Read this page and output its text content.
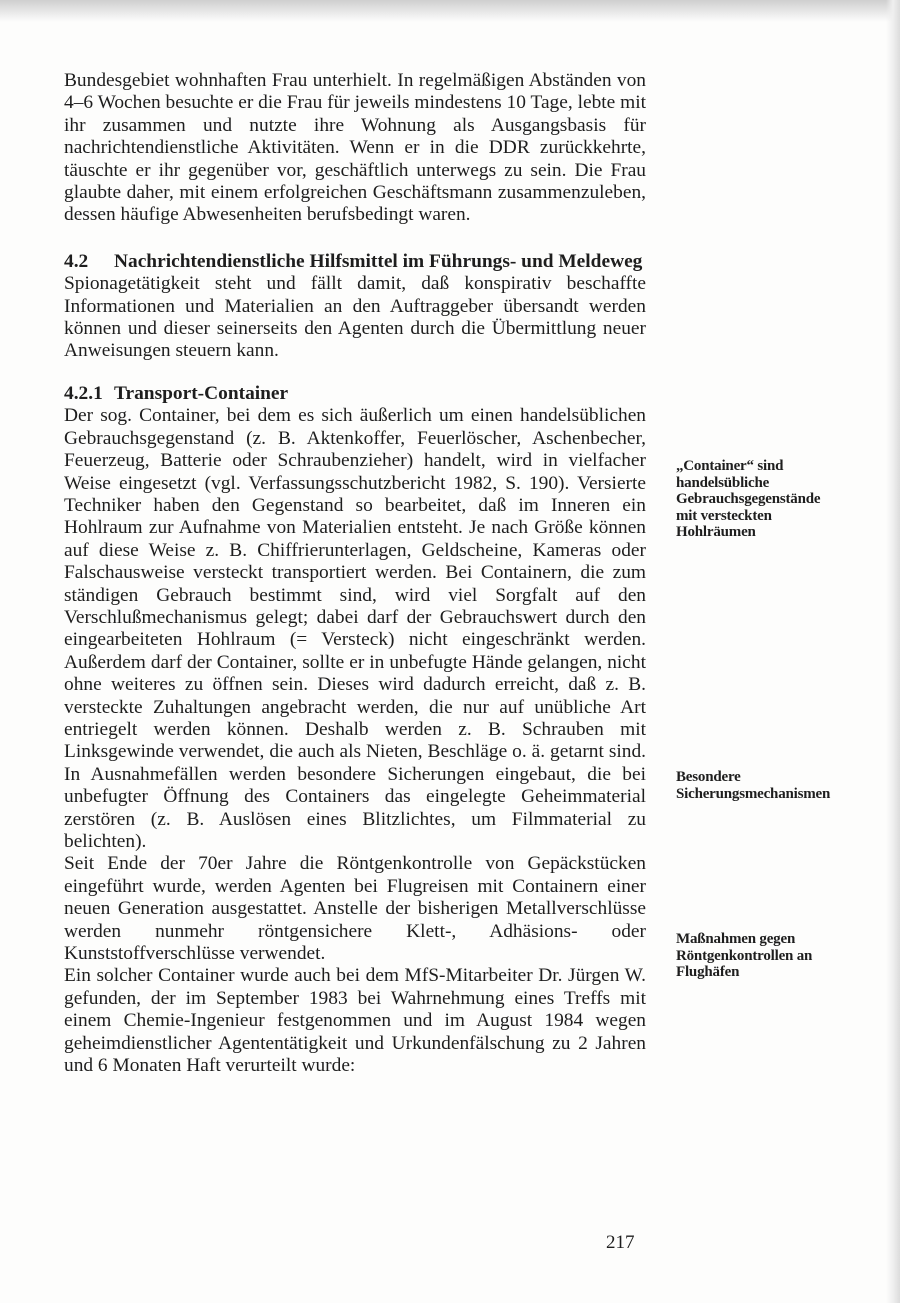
Bundesgebiet wohnhaften Frau unterhielt. In regelmäßigen Abständen von 4–6 Wochen besuchte er die Frau für jeweils mindestens 10 Tage, lebte mit ihr zusammen und nutzte ihre Wohnung als Ausgangsbasis für nachrichtendienstliche Aktivitäten. Wenn er in die DDR zurückkehrte, täuschte er ihr gegenüber vor, geschäftlich unterwegs zu sein. Die Frau glaubte daher, mit einem erfolgreichen Geschäftsmann zusammenzuleben, dessen häufige Abwesenheiten berufsbedingt waren.

4.2 Nachrichtendienstliche Hilfsmittel im Führungs- und Meldeweg

Spionagetätigkeit steht und fällt damit, daß konspirativ beschaffte Informationen und Materialien an den Auftraggeber übersandt werden können und dieser seinerseits den Agenten durch die Übermittlung neuer Anweisungen steuern kann.

4.2.1 Transport-Container

Der sog. Container, bei dem es sich äußerlich um einen handelsüblichen Gebrauchsgegenstand (z. B. Aktenkoffer, Feuerlöscher, Aschenbecher, Feuerzeug, Batterie oder Schraubenzieher) handelt, wird in vielfacher Weise eingesetzt (vgl. Verfassungsschutzbericht 1982, S. 190). Versierte Techniker haben den Gegenstand so bearbeitet, daß im Inneren ein Hohlraum zur Aufnahme von Materialien entsteht. Je nach Größe können auf diese Weise z. B. Chiffrierunterlagen, Geldscheine, Kameras oder Falschausweise versteckt transportiert werden. Bei Containern, die zum ständigen Gebrauch bestimmt sind, wird viel Sorgfalt auf den Verschlußmechanismus gelegt; dabei darf der Gebrauchswert durch den eingearbeiteten Hohlraum (= Versteck) nicht eingeschränkt werden. Außerdem darf der Container, sollte er in unbefugte Hände gelangen, nicht ohne weiteres zu öffnen sein. Dieses wird dadurch erreicht, daß z. B. versteckte Zuhaltungen angebracht werden, die nur auf unübliche Art entriegelt werden können. Deshalb werden z. B. Schrauben mit Linksgewinde verwendet, die auch als Nieten, Beschläge o. ä. getarnt sind. In Ausnahmefällen werden besondere Sicherungen eingebaut, die bei unbefugter Öffnung des Containers das eingelegte Geheimmaterial zerstören (z. B. Auslösen eines Blitzlichtes, um Filmmaterial zu belichten).

Seit Ende der 70er Jahre die Röntgenkontrolle von Gepäckstücken eingeführt wurde, werden Agenten bei Flugreisen mit Containern einer neuen Generation ausgestattet. Anstelle der bisherigen Metallverschlüsse werden nunmehr röntgensichere Klett-, Adhäsions- oder Kunststoffverschlüsse verwendet.

Ein solcher Container wurde auch bei dem MfS-Mitarbeiter Dr. Jürgen W. gefunden, der im September 1983 bei Wahrnehmung eines Treffs mit einem Chemie-Ingenieur festgenommen und im August 1984 wegen geheimdienstlicher Agententätigkeit und Urkundenfälschung zu 2 Jahren und 6 Monaten Haft verurteilt wurde:

„Container“ sind handelsübliche Gebrauchsgegenstände mit versteckten Hohlräumen
Besondere Sicherungsmechanismen
Maßnahmen gegen Röntgenkontrollen an Flughäfen
217
